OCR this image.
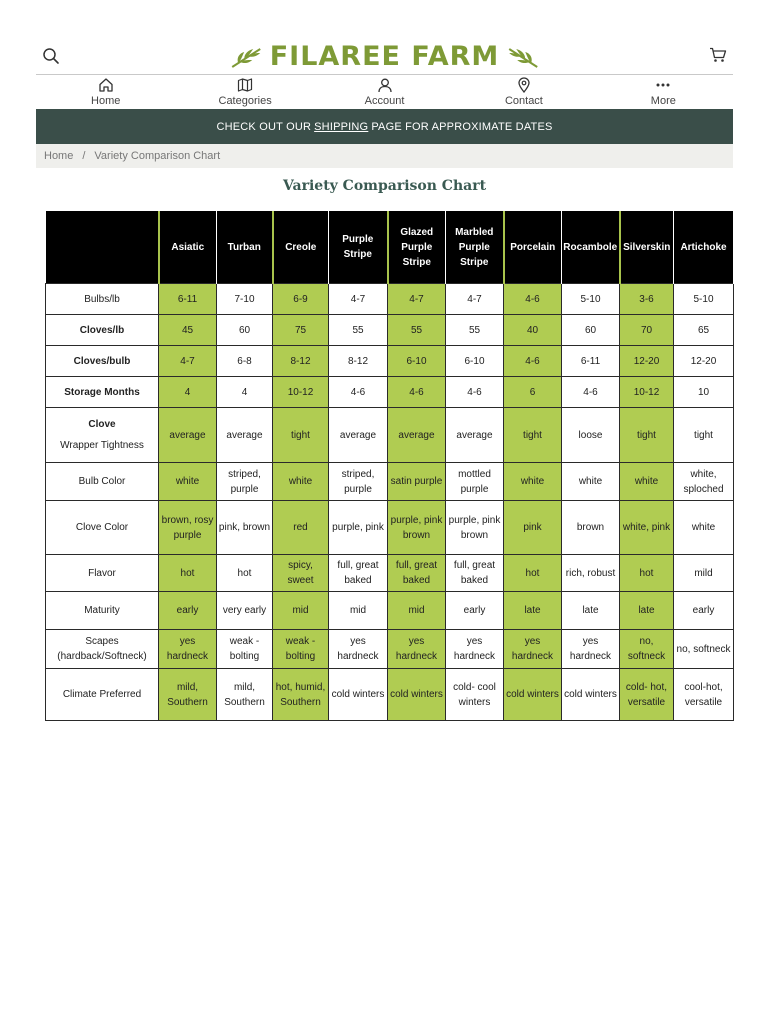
FILAREE FARM
Home	Categories	Account	Contact	More
CHECK OUT OUR SHIPPING PAGE FOR APPROXIMATE DATES
Home / Variety Comparison Chart
Variety Comparison Chart
	Asiatic	Turban	Creole	Purple Stripe	Glazed Purple Stripe	Marbled Purple Stripe	Porcelain	Rocambole	Silverskin	Artichoke
Bulbs/lb	6-11	7-10	6-9	4-7	4-7	4-7	4-6	5-10	3-6	5-10
Cloves/lb	45	60	75	55	55	55	40	60	70	65
Cloves/bulb	4-7	6-8	8-12	8-12	6-10	6-10	4-6	6-11	12-20	12-20
Storage Months	4	4	10-12	4-6	4-6	4-6	6	4-6	10-12	10

Clove
Wrapper Tightness	average	average	tight	average	average	average	tight	loose	tight	tight
Bulb Color	white	striped, purple	white	striped, purple	satin purple	mottled purple	white	white	white	white, sploched
Clove Color	brown, rosy purple	pink, brown	red	purple, pink	purple, pink brown	purple, pink brown	pink	brown	white, pink	white
Flavor	hot	hot	spicy, sweet	full, great baked	full, great baked	full, great baked	hot	rich, robust	hot	mild
Maturity	early	very early	mid	mid	mid	early	late	late	late	early
Scapes (hardback/Softneck)	yes hardneck	weak - bolting	weak - bolting	yes hardneck	yes hardneck	yes hardneck	yes hardneck	yes hardneck	no, softneck	no, softneck
Climate Preferred	mild, Southern	mild, Southern	hot, humid, Southern	cold winters	cold winters	cold- cool winters	cold winters	cold winters	cold- hot, versatile	cool-hot, versatile
